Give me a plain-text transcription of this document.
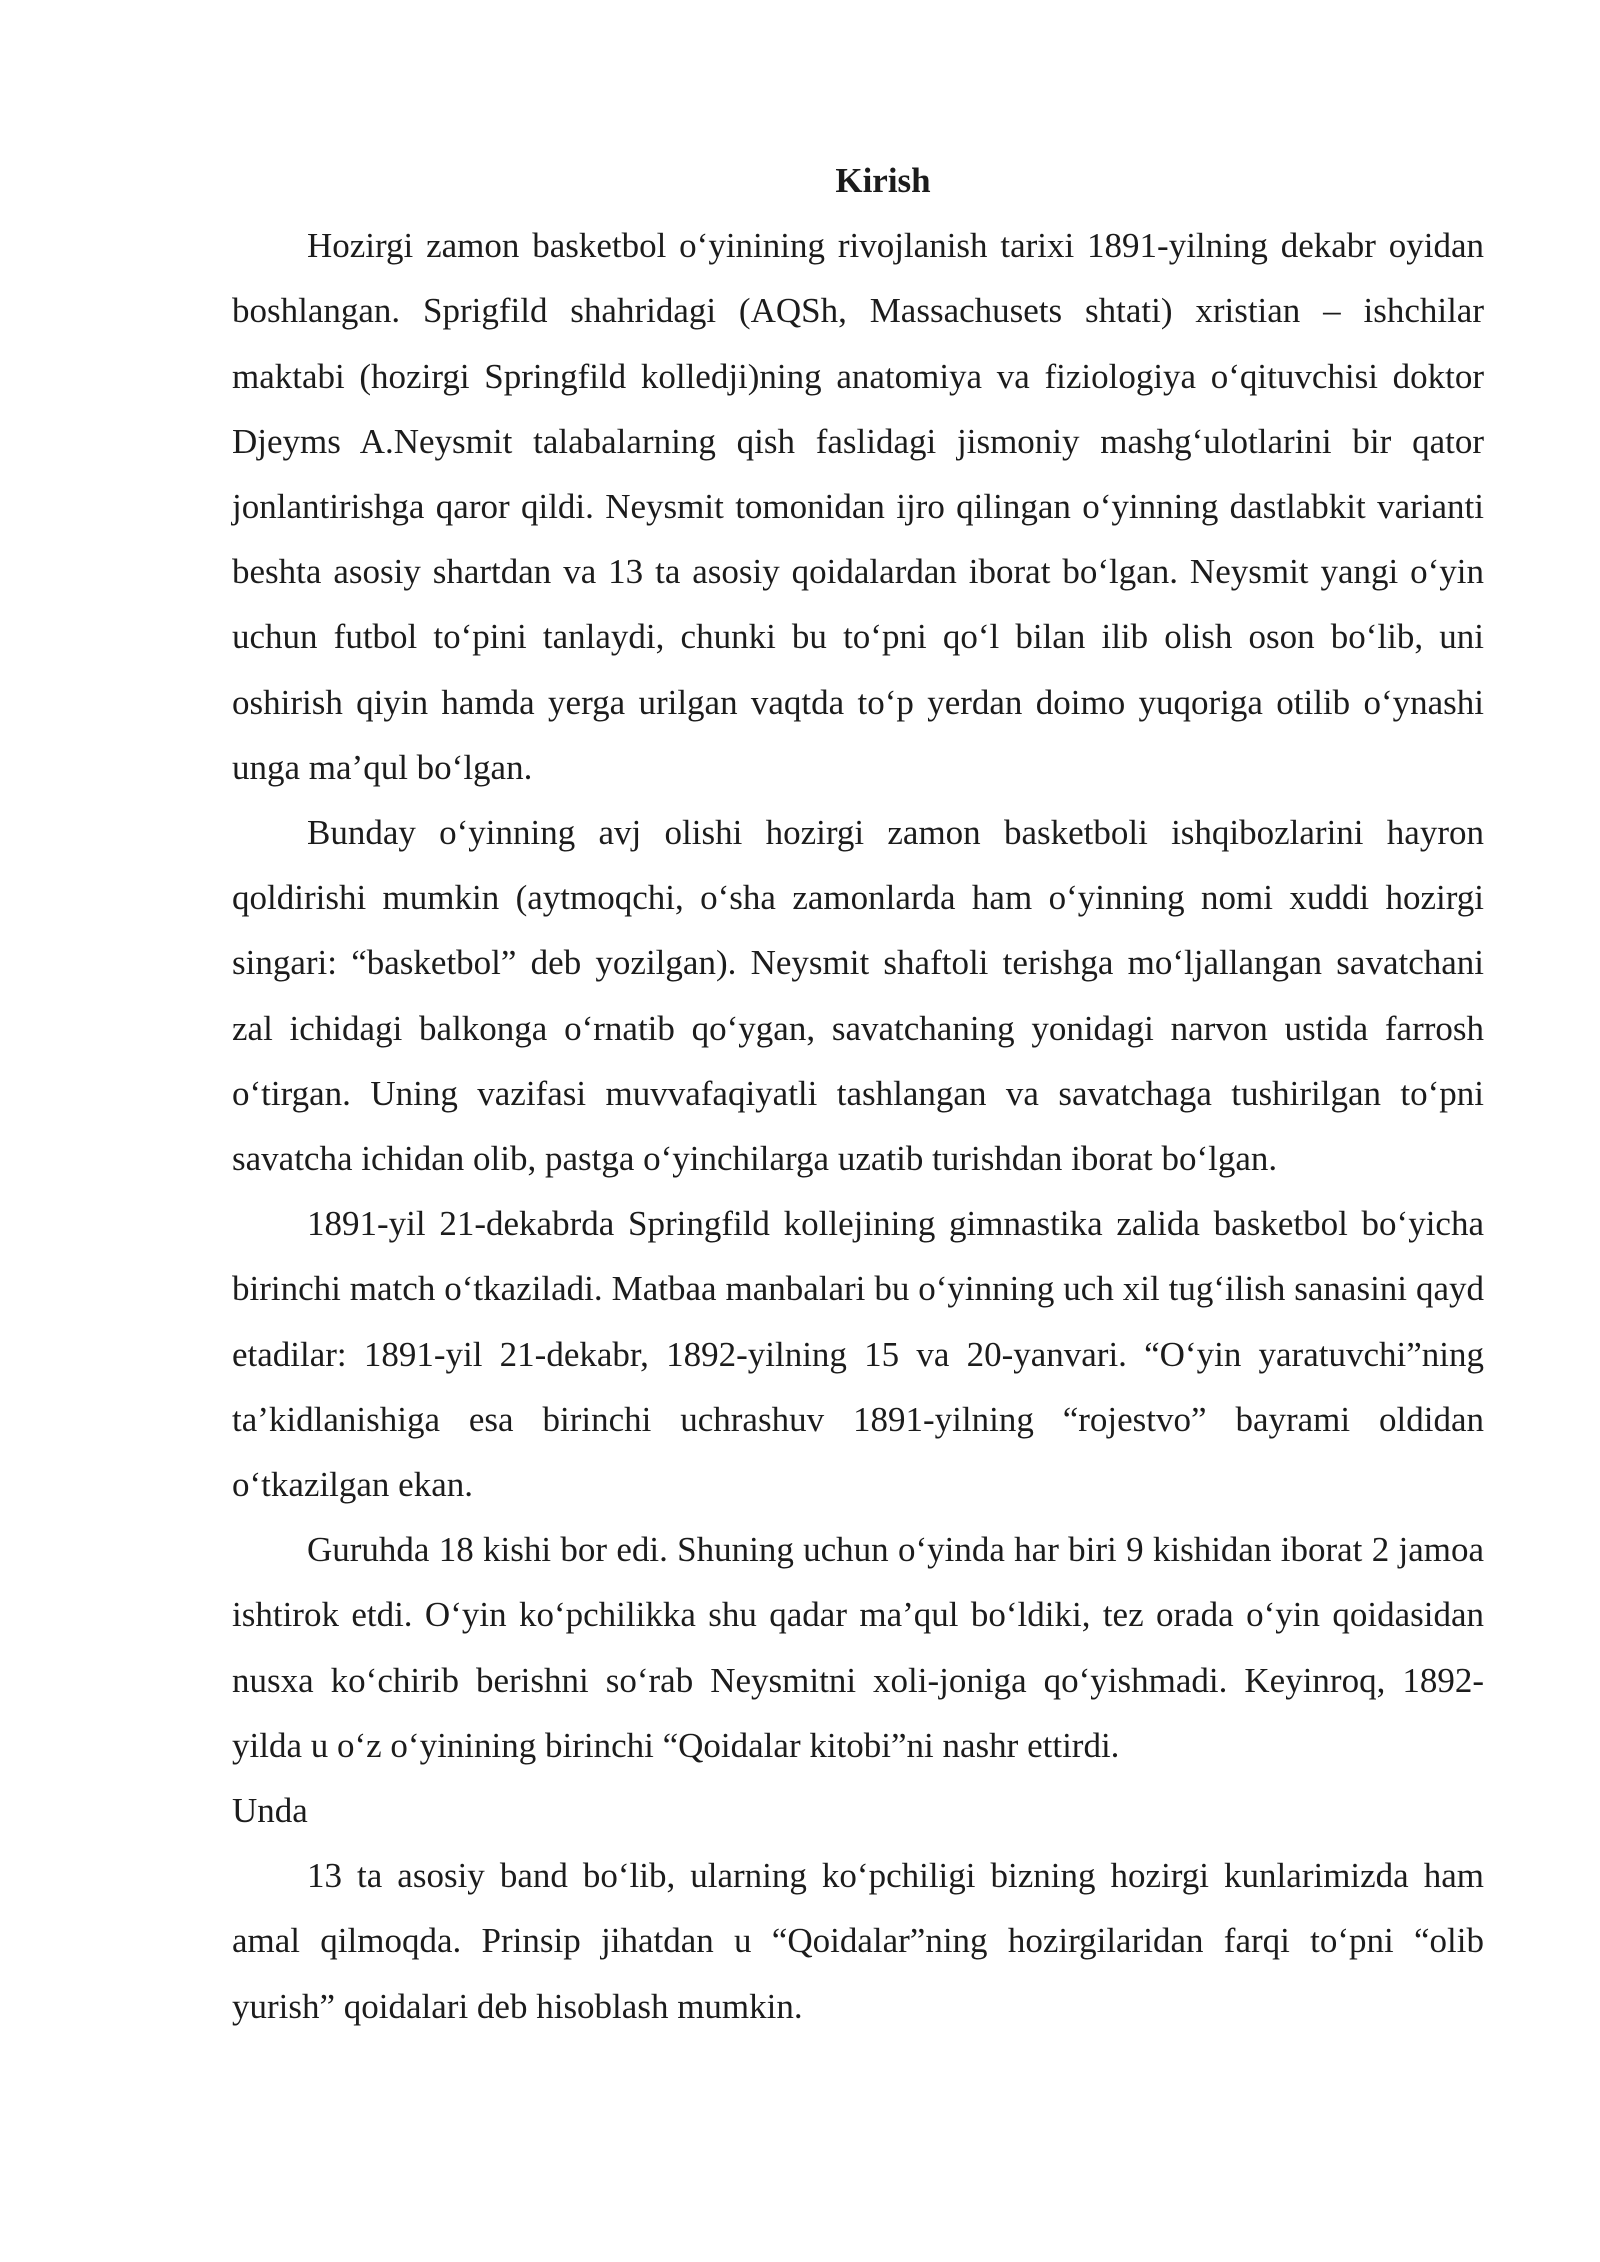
Kirish

Hozirgi zamon basketbol o‘yinining rivojlanish tarixi 1891-yilning dekabr oyidan boshlangan. Sprigfild shahridagi (AQSh, Massachusets shtati) xristian – ishchilar maktabi (hozirgi Springfild kolledji)ning anatomiya va fiziologiya o‘qituvchisi doktor Djeyms A.Neysmit talabalarning qish faslidagi jismoniy mashg‘ulotlarini bir qator jonlantirishga qaror qildi. Neysmit tomonidan ijro qilingan o‘yinning dastlabkit varianti beshta asosiy shartdan va 13 ta asosiy qoidalardan iborat bo‘lgan. Neysmit yangi o‘yin uchun futbol to‘pini tanlaydi, chunki bu to‘pni qo‘l bilan ilib olish oson bo‘lib, uni oshirish qiyin hamda yerga urilgan vaqtda to‘p yerdan doimo yuqoriga otilib o‘ynashi unga ma’qul bo‘lgan.

Bunday o‘yinning avj olishi hozirgi zamon basketboli ishqibozlarini hayron qoldirishi mumkin (aytmoqchi, o‘sha zamonlarda ham o‘yinning nomi xuddi hozirgi singari: “basketbol” deb yozilgan). Neysmit shaftoli terishga mo‘ljallangan savatchani zal ichidagi balkonga o‘rnatib qo‘ygan, savatchaning yonidagi narvon ustida farrosh o‘tirgan. Uning vazifasi muvvafaqiyatli tashlangan va savatchaga tushirilgan to‘pni savatcha ichidan olib, pastga o‘yinchilarga uzatib turishdan iborat bo‘lgan.

1891-yil 21-dekabrda Springfild kollejining gimnastika zalida basketbol bo‘yicha birinchi match o‘tkaziladi. Matbaa manbalari bu o‘yinning uch xil tug‘ilish sanasini qayd etadilar: 1891-yil 21-dekabr, 1892-yilning 15 va 20-yanvari. “O‘yin yaratuvchi”ning ta’kidlanishiga esa birinchi uchrashuv 1891-yilning “rojestvo” bayrami oldidan o‘tkazilgan ekan.

Guruhda 18 kishi bor edi. Shuning uchun o‘yinda har biri 9 kishidan iborat 2 jamoa ishtirok etdi. O‘yin ko‘pchilikka shu qadar ma’qul bo‘ldiki, tez orada o‘yin qoidasidan nusxa ko‘chirib berishni so‘rab Neysmitni xoli-joniga qo‘yishmadi. Keyinroq, 1892-yilda u o‘z o‘yinining birinchi “Qoidalar kitobi”ni nashr ettirdi.

Unda

13 ta asosiy band bo‘lib, ularning ko‘pchiligi bizning hozirgi kunlarimizda ham amal qilmoqda. Prinsip jihatdan u “Qoidalar”ning hozirgilaridan farqi to‘pni “olib yurish” qoidalari deb hisoblash mumkin.
